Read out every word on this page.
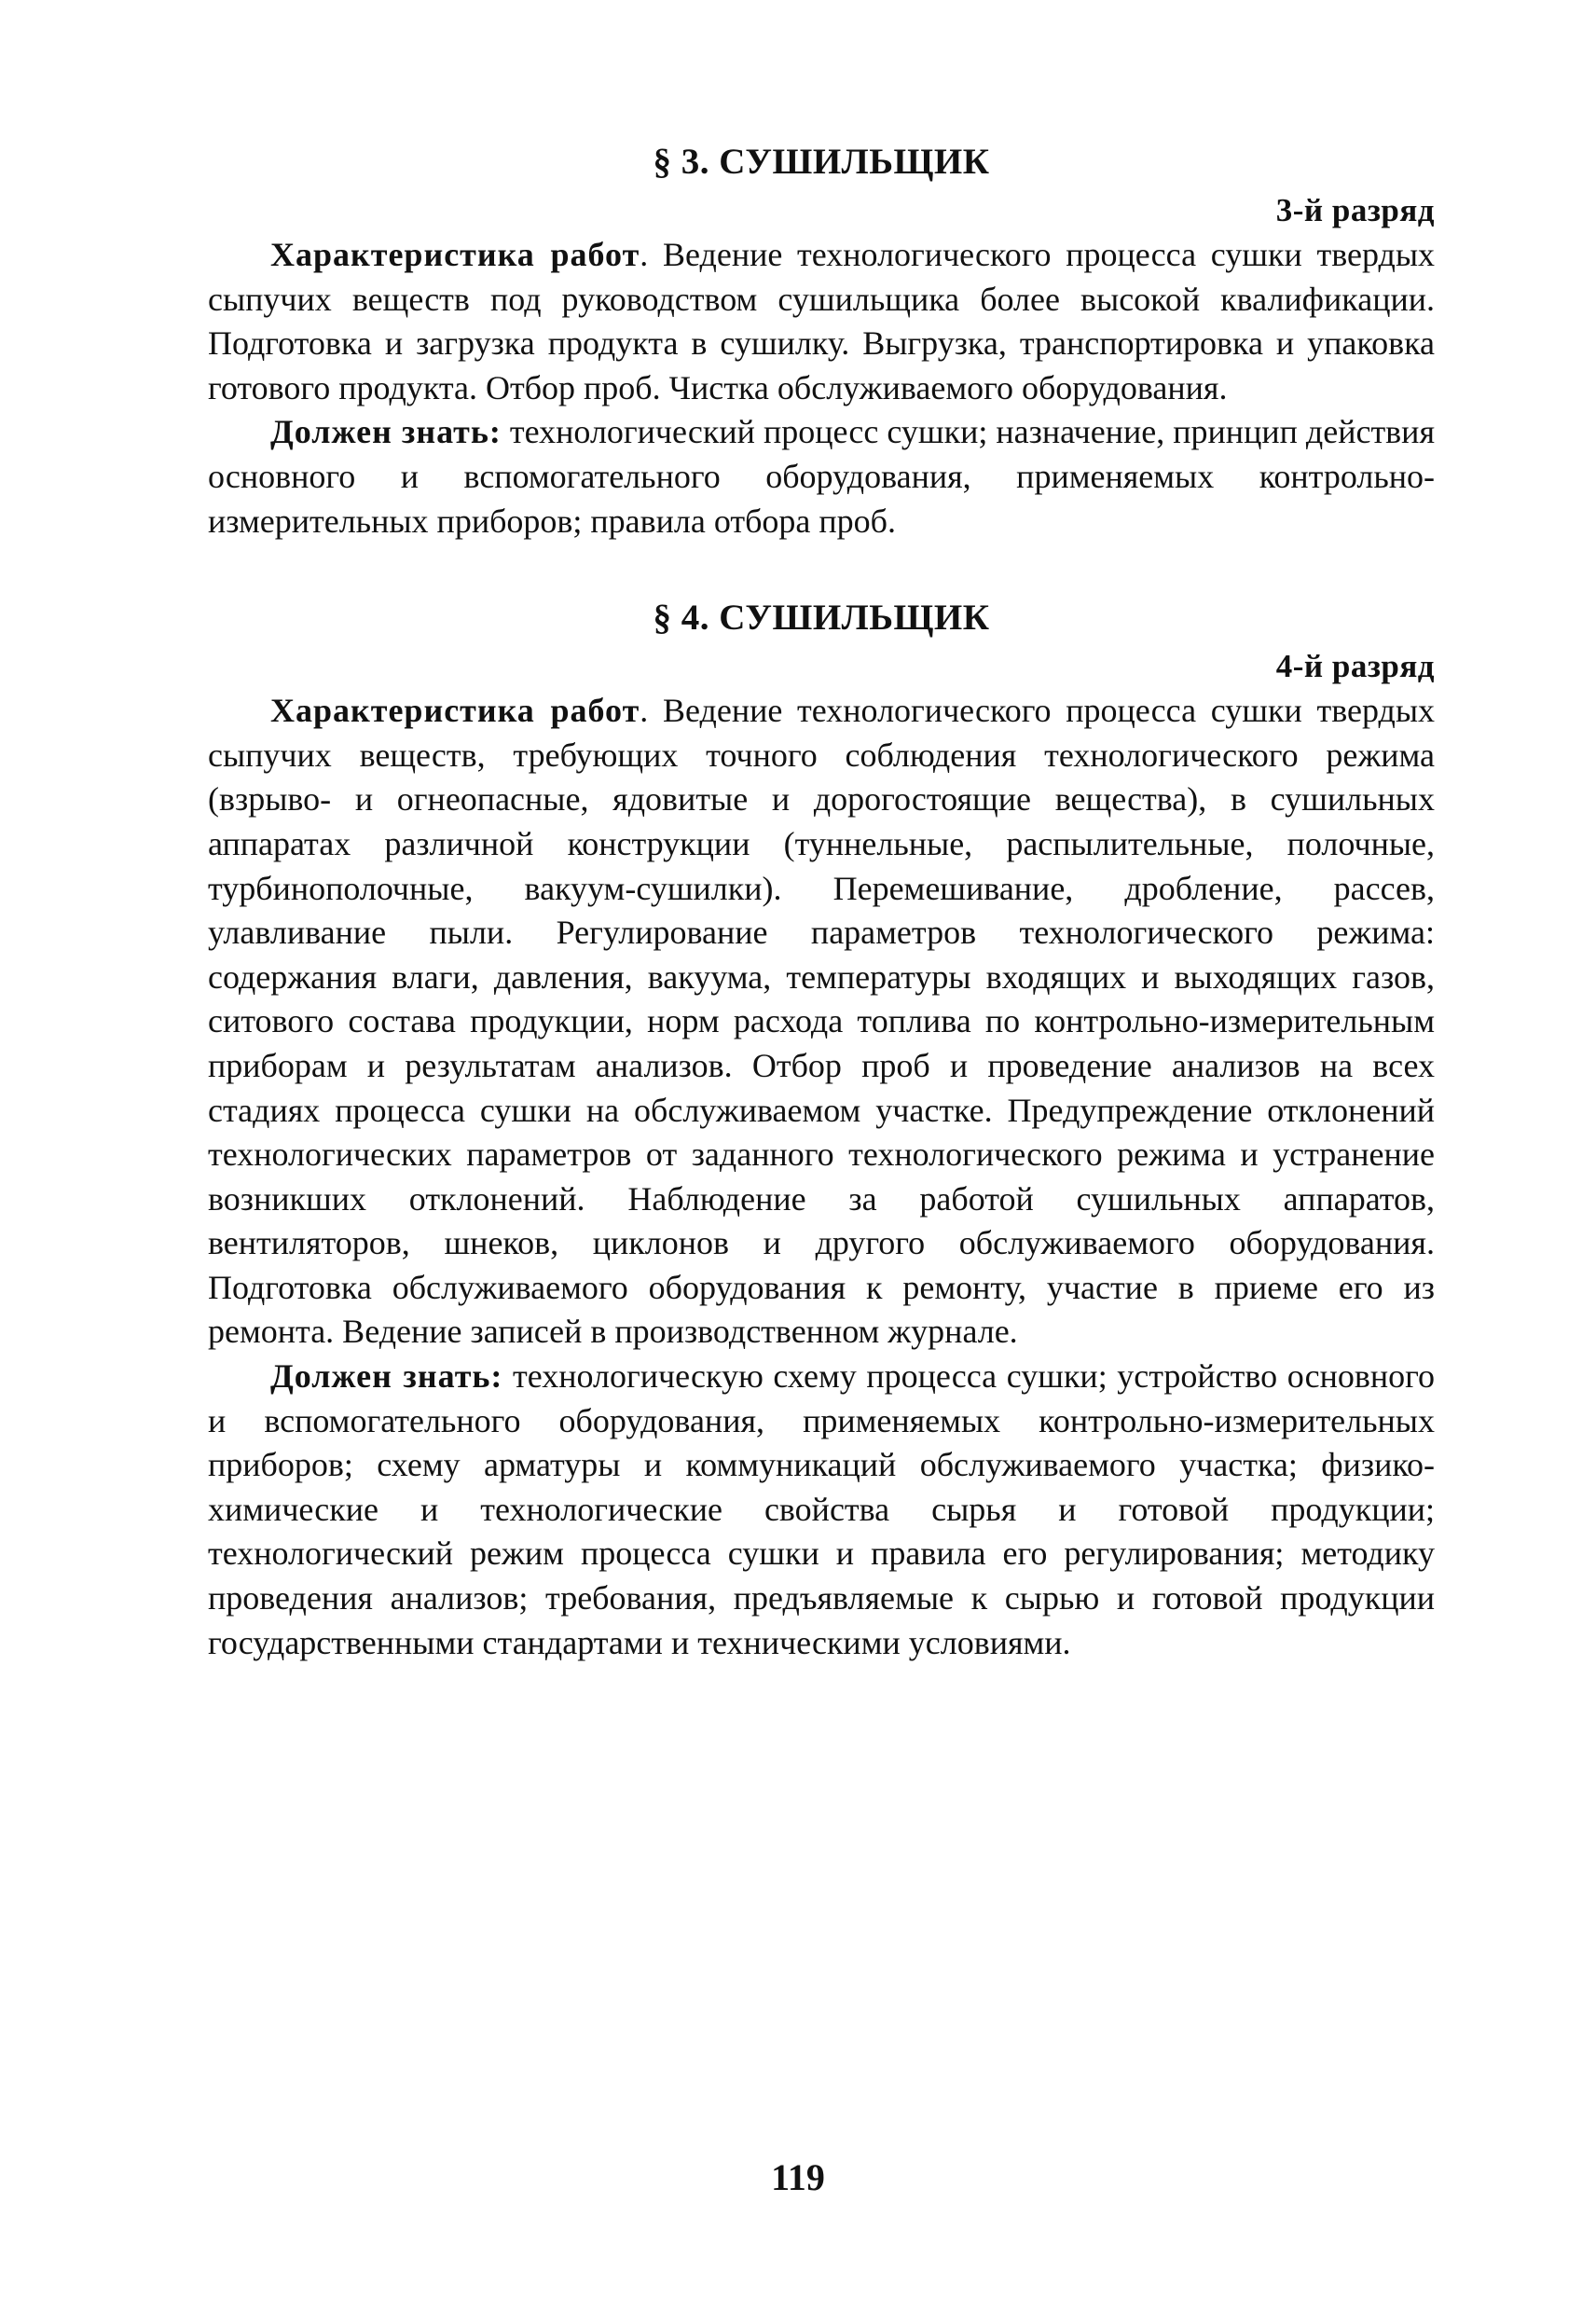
§ 3. СУШИЛЬЩИК
3-й разряд

Характеристика работ. Ведение технологического процесса сушки твердых сыпучих веществ под руководством сушильщика более высокой квалификации. Подготовка и загрузка продукта в сушилку. Выгрузка, транспортировка и упаковка готового продукта. Отбор проб. Чистка обслуживаемого оборудования.

Должен знать: технологический процесс сушки; назначение, принцип действия основного и вспомогательного оборудования, применяемых контрольно-измерительных приборов; правила отбора проб.

§ 4. СУШИЛЬЩИК
4-й разряд

Характеристика работ. Ведение технологического процесса сушки твердых сыпучих веществ, требующих точного соблюдения технологического режима (взрыво- и огнеопасные, ядовитые и дорогостоящие вещества), в сушильных аппаратах различной конструкции (туннельные, распылительные, полочные, турбинополочные, вакуум-сушилки). Перемешивание, дробление, рассев, улавливание пыли. Регулирование параметров технологического режима: содержания влаги, давления, вакуума, температуры входящих и выходящих газов, ситового состава продукции, норм расхода топлива по контрольно-измерительным приборам и результатам анализов. Отбор проб и проведение анализов на всех стадиях процесса сушки на обслуживаемом участке. Предупреждение отклонений технологических параметров от заданного технологического режима и устранение возникших отклонений. Наблюдение за работой сушильных аппаратов, вентиляторов, шнеков, циклонов и другого обслуживаемого оборудования. Подготовка обслуживаемого оборудования к ремонту, участие в приеме его из ремонта. Ведение записей в производственном журнале.

Должен знать: технологическую схему процесса сушки; устройство основного и вспомогательного оборудования, применяемых контрольно-измерительных приборов; схему арматуры и коммуникаций обслуживаемого участка; физико-химические и технологические свойства сырья и готовой продукции; технологический режим процесса сушки и правила его регулирования; методику проведения анализов; требования, предъявляемые к сырью и готовой продукции государственными стандартами и техническими условиями.

119
